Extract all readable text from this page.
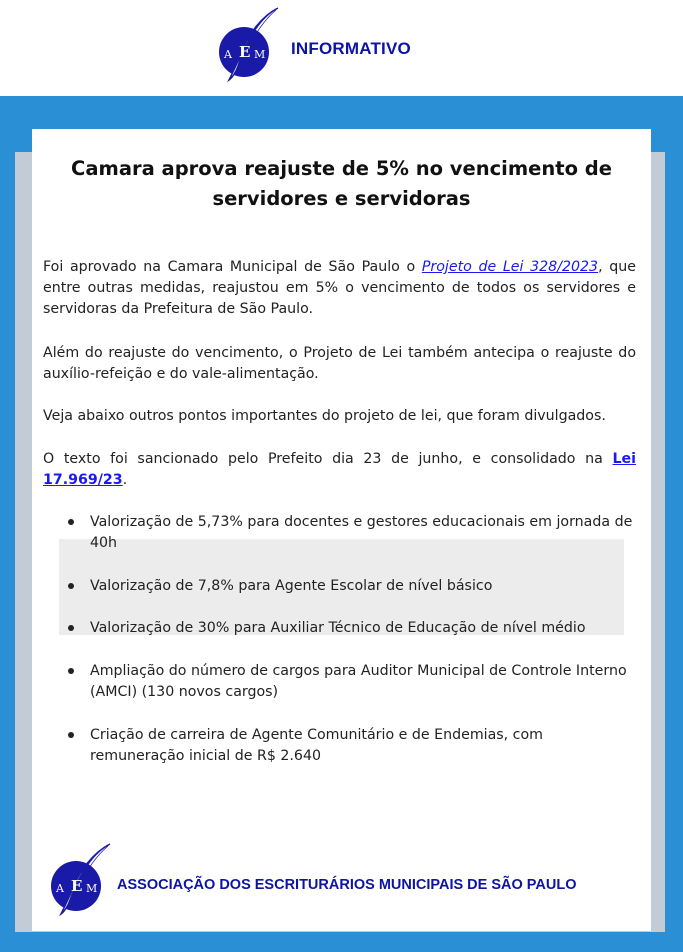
A E M INFORMATIVO
Camara aprova reajuste de 5% no vencimento de
servidores e servidoras

Foi aprovado na Camara Municipal de São Paulo o Projeto de Lei 328/2023, que entre outras medidas, reajustou em 5% o vencimento de todos os servidores e servidoras da Prefeitura de São Paulo.

Além do reajuste do vencimento, o Projeto de Lei também antecipa o reajuste do auxílio-refeição e do vale-alimentação.

Veja abaixo outros pontos importantes do projeto de lei, que foram divulgados.

O texto foi sancionado pelo Prefeito dia 23 de junho, e consolidado na Lei 17.969/23.

Valorização de 5,73% para docentes e gestores educacionais em jornada de 40h

Valorização de 7,8% para Agente Escolar de nível básico

Valorização de 30% para Auxiliar Técnico de Educação de nível médio

Ampliação do número de cargos para Auditor Municipal de Controle Interno (AMCI) (130 novos cargos)

Criação de carreira de Agente Comunitário e de Endemias, com remuneração inicial de R$ 2.640

A E M ASSOCIAÇÃO DOS ESCRITURÁRIOS MUNICIPAIS DE SÃO PAULO
